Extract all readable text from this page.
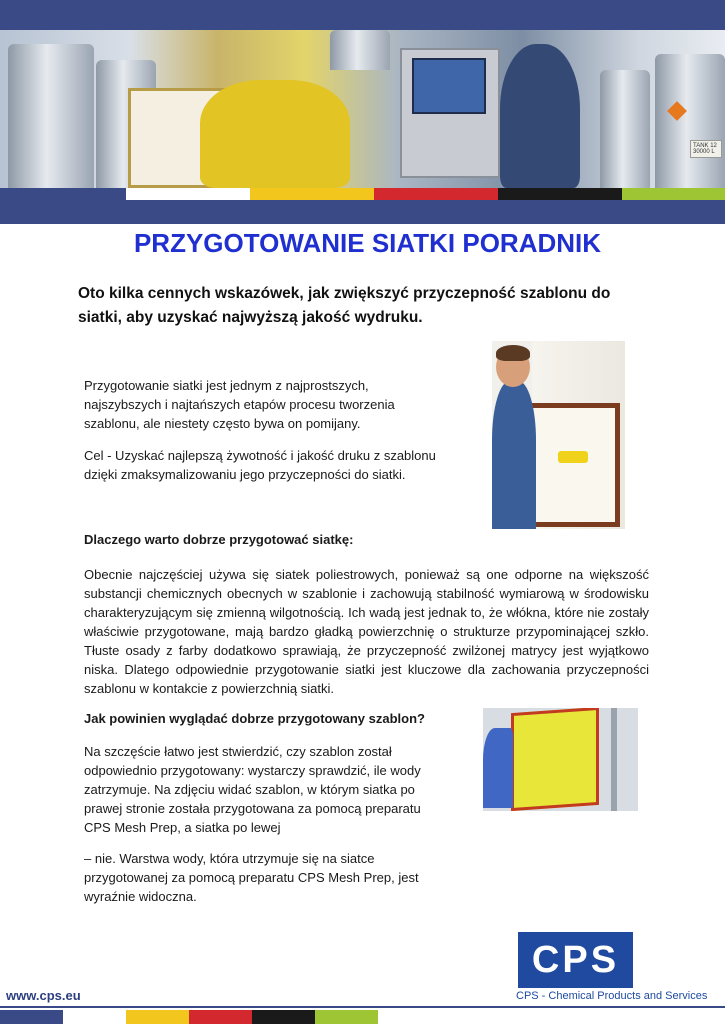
TANK 12
30000 L
PRZYGOTOWANIE SIATKI PORADNIK

Oto kilka cennych wskazówek, jak zwiększyć przyczepność szablonu do siatki, aby uzyskać najwyższą jakość wydruku.

Przygotowanie siatki jest jednym z najprostszych, najszybszych i najtańszych etapów procesu tworzenia szablonu, ale niestety często bywa on pomijany.

Cel - Uzyskać najlepszą żywotność i jakość druku z szablonu dzięki zmaksymalizowaniu jego przyczepności do siatki.

Dlaczego warto dobrze przygotować siatkę:

Obecnie najczęściej używa się siatek poliestrowych, ponieważ są one odporne na większość substancji chemicznych obecnych w szablonie i zachowują stabilność wymiarową w środowisku charakteryzującym się zmienną wilgotnością. Ich wadą jest jednak to, że włókna, które nie zostały właściwie przygotowane, mają bardzo gładką powierzchnię o strukturze przypominającej szkło. Tłuste osady z farby dodatkowo sprawiają, że przyczepność zwilżonej matrycy jest wyjątkowo niska. Dlatego odpowiednie przygotowanie siatki jest kluczowe dla zachowania przyczepności szablonu w kontakcie z powierzchnią siatki.

Jak powinien wyglądać dobrze przygotowany szablon?

Na szczęście łatwo jest stwierdzić, czy szablon został odpowiednio przygotowany: wystarczy sprawdzić, ile wody zatrzymuje. Na zdjęciu widać szablon, w którym siatka po prawej stronie została przygotowana za pomocą preparatu CPS Mesh Prep, a siatka po lewej

– nie. Warstwa wody, która utrzymuje się na siatce przygotowanej za pomocą preparatu CPS Mesh Prep, jest wyraźnie widoczna.

CPS
CPS - Chemical Products and Services
www.cps.eu
